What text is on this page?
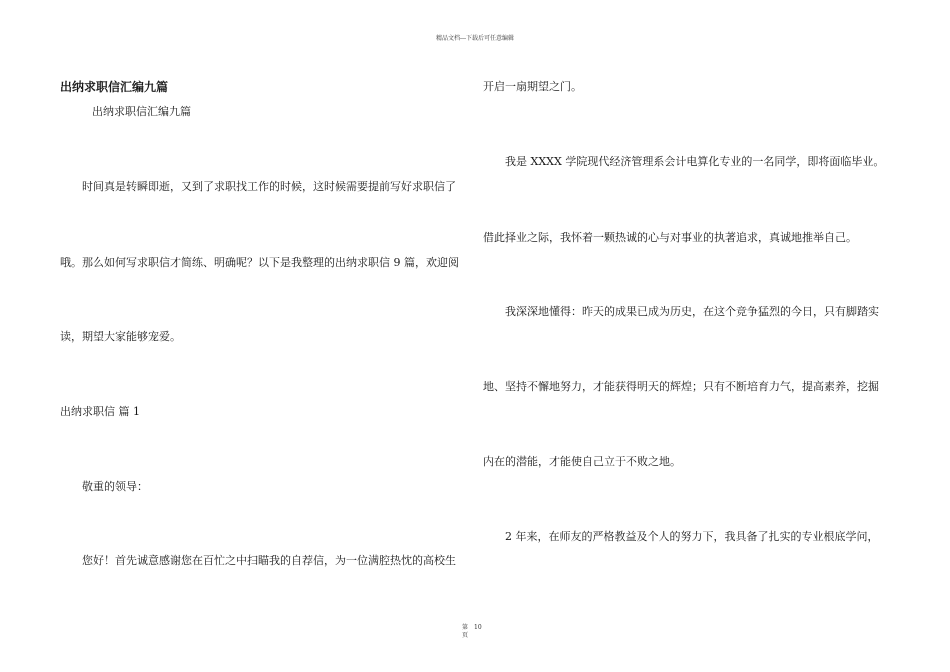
精品文档---下载后可任意编辑
出纳求职信汇编九篇
出纳求职信汇编九篇
时间真是转瞬即逝，又到了求职找工作的时候，这时候需要提前写好求职信了
哦。那么如何写求职信才简练、明确呢？以下是我整理的出纳求职信 9 篇，欢迎阅
读，期望大家能够宠爱。
出纳求职信 篇 1
敬重的领导：
您好！首先诚意感谢您在百忙之中扫瞄我的自荐信，为一位满腔热忱的高校生
开启一扇期望之门。
我是 XXXX 学院现代经济管理系会计电算化专业的一名同学，即将面临毕业。
借此择业之际，我怀着一颗热诚的心与对事业的执著追求，真诚地推举自己。
我深深地懂得：昨天的成果已成为历史，在这个竞争猛烈的今日，只有脚踏实
地、坚持不懈地努力，才能获得明天的辉煌；只有不断培育力气，提高素养，挖掘
内在的潜能，才能使自己立于不败之地。
2 年来，在师友的严格教益及个人的努力下，我具备了扎实的专业根底学问，
第 10
页
